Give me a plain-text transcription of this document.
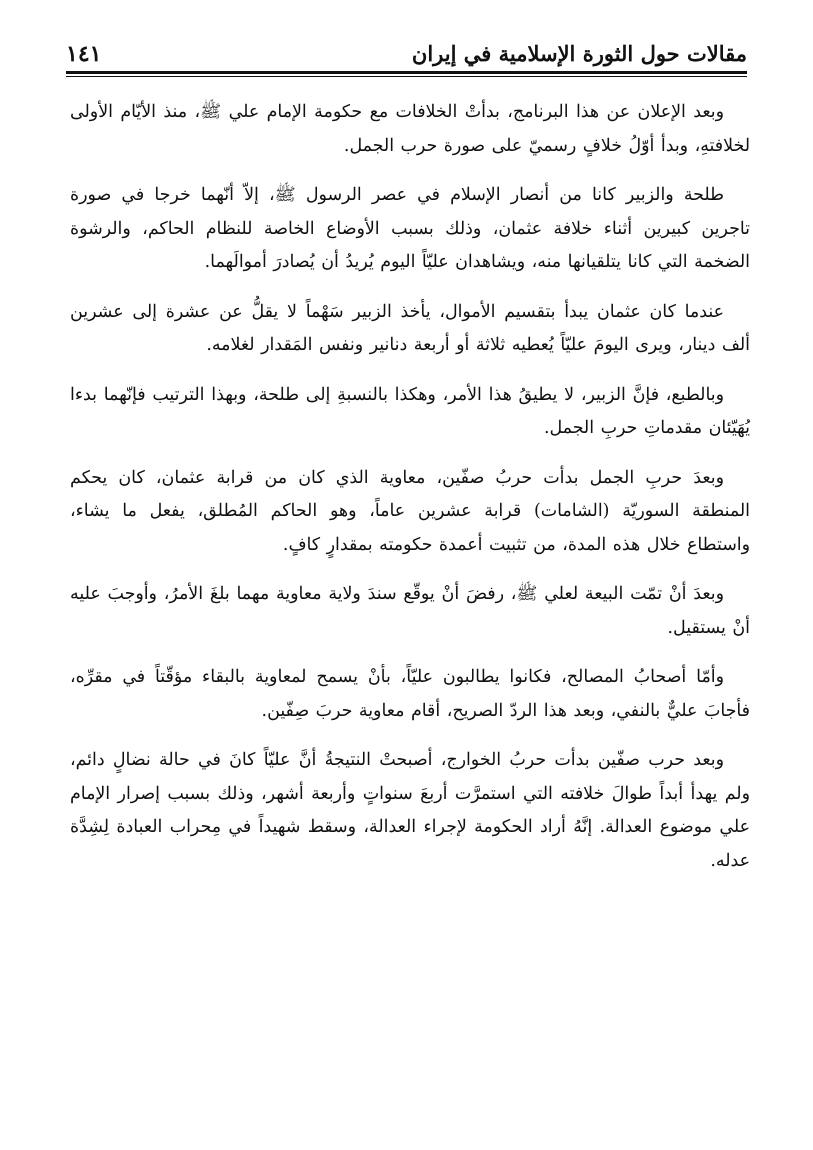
مقالات حول الثورة الإسلامية في إيران
١٤١

وبعد الإعلان عن هذا البرنامج، بدأتْ الخلافات مع حكومة الإمام علي ﷺ، منذ الأيّام الأولى لخلافتهِ، وبدأ أوّلُ خلافٍ رسميّ على صورة حرب الجمل.

طلحة والزبير كانا من أنصار الإسلام في عصر الرسول ﷺ، إلاّ أنّهما خرجا في صورة تاجرين كبيرين أثناء خلافة عثمان، وذلك بسبب الأوضاع الخاصة للنظام الحاكم، والرشوة الضخمة التي كانا يتلقيانها منه، ويشاهدان عليّاً اليوم يُريدُ أن يُصادرَ أموالَهما.

عندما كان عثمان يبدأ بتقسيم الأموال، يأخذ الزبير سَهْماً لا يقلُّ عن عشرة إلى عشرين ألف دينار، ويرى اليومَ عليّاً يُعطيه ثلاثة أو أربعة دنانير ونفس المَقدار لغلامه.

وبالطبع، فإنَّ الزبير، لا يطيقُ هذا الأمر، وهكذا بالنسبةِ إلى طلحة، وبهذا الترتيب فإنّهما بدءا يُهَيّئان مقدماتِ حربِ الجمل.

وبعدَ حربِ الجمل بدأت حربُ صفّين، معاوية الذي كان من قرابة عثمان، كان يحكم المنطقة السوريّة (الشامات) قرابة عشرين عاماً، وهو الحاكم المُطلق، يفعل ما يشاء، واستطاع خلال هذه المدة، من تثبيت أعمدة حكومته بمقدارٍ كافٍ.

وبعدَ أنْ تمّت البيعة لعلي ﷺ، رفضَ أنْ يوقّع سندَ ولاية معاوية مهما بلغَ الأمرُ، وأوجبَ عليه أنْ يستقيل.

وأمّا أصحابُ المصالح، فكانوا يطالبون عليّاً، بأنْ يسمح لمعاوية بالبقاء مؤقّتاً في مقرِّه، فأجابَ عليٌّ بالنفي، وبعد هذا الردّ الصريح، أقام معاوية حربَ صِفّين.

وبعد حرب صفّين بدأت حربُ الخوارج، أصبحتْ النتيجةُ أنَّ عليّاً كانَ في حالة نضالٍ دائم، ولم يهدأ أبداً طوالَ خلافته التي استمرَّت أربعَ سنواتٍ وأربعة أشهر، وذلك بسبب إصرار الإمام علي موضوع العدالة. إنَّهُ أراد الحكومة لإجراء العدالة، وسقط شهيداً في مِحراب العبادة لِشِدَّة عدله.
